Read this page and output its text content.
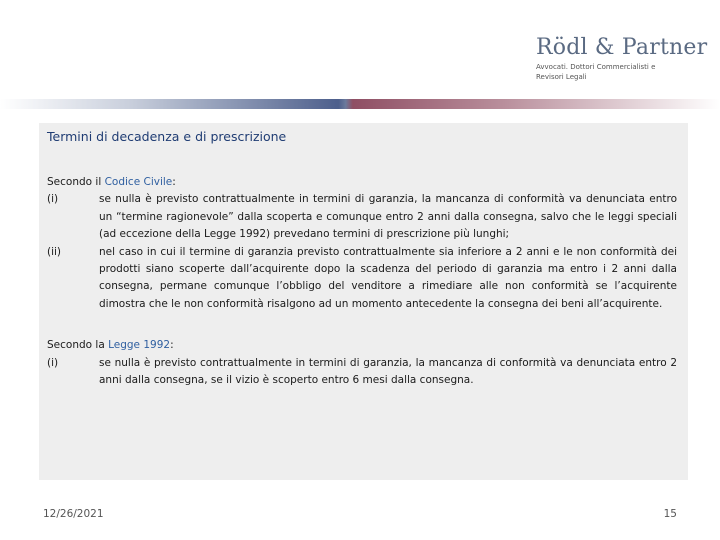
Rödl & Partner
Avvocati. Dottori Commercialisti e
Revisori Legali
Termini di decadenza e di prescrizione
Secondo il Codice Civile:
(i)	se nulla è previsto contrattualmente in termini di garanzia, la mancanza di conformità va denunciata entro un “termine ragionevole” dalla scoperta e comunque entro 2 anni dalla consegna, salvo che le leggi speciali (ad eccezione della Legge 1992) prevedano termini di prescrizione più lunghi;
(ii)	nel caso in cui il termine di garanzia previsto contrattualmente sia inferiore a 2 anni e le non conformità dei prodotti siano scoperte dall’acquirente dopo la scadenza del periodo di garanzia ma entro i 2 anni dalla consegna, permane comunque l’obbligo del venditore a rimediare alle non conformità se l’acquirente dimostra che le non conformità risalgono ad un momento antecedente la consegna dei beni all’acquirente.
Secondo la Legge 1992:
(i)	se nulla è previsto contrattualmente in termini di garanzia, la mancanza di conformità va denunciata entro 2 anni dalla consegna, se il vizio è scoperto entro 6 mesi dalla consegna.
12/26/2021	15
